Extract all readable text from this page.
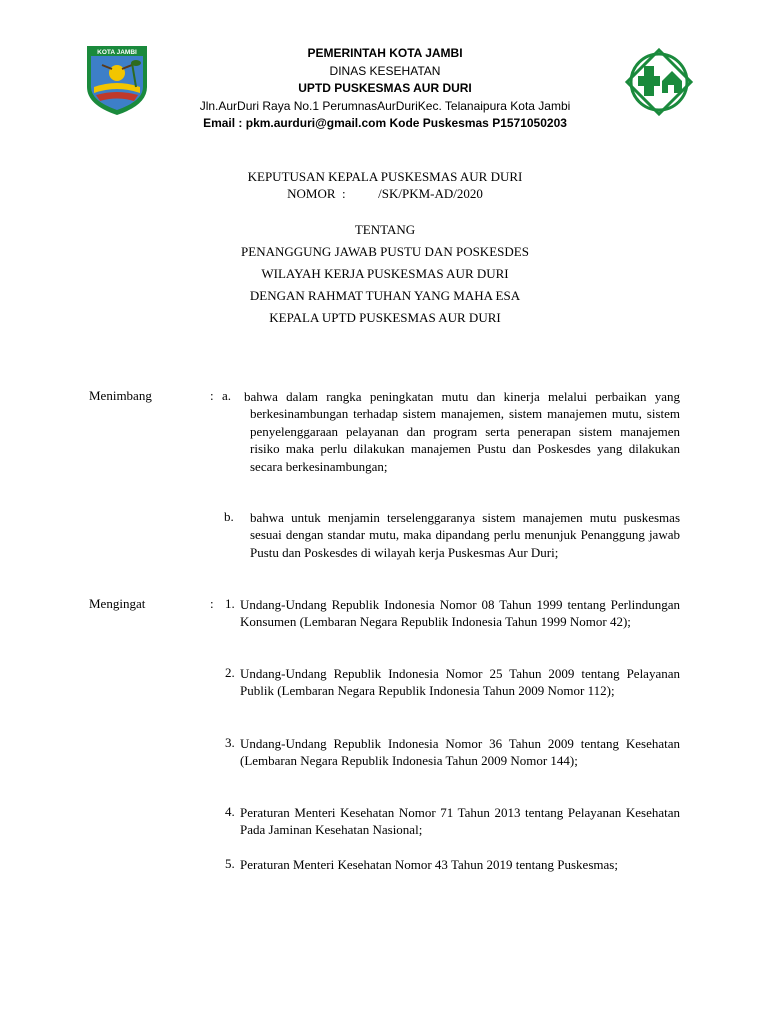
KOTA JAMBI	PEMERINTAH KOTA JAMBI
DINAS KESEHATAN
UPTD PUSKESMAS AUR DURI
Jln.AurDuri Raya No.1 PerumnasAurDuriKec. Telanaipura Kota Jambi
Email : pkm.aurduri@gmail.com Kode Puskesmas P1571050203
KEPUTUSAN KEPALA PUSKESMAS AUR DURI
NOMOR  :          /SK/PKM-AD/2020
TENTANG
PENANGGUNG JAWAB PUSTU DAN POSKESDES
WILAYAH KERJA PUSKESMAS AUR DURI
DENGAN RAHMAT TUHAN YANG MAHA ESA
KEPALA UPTD PUSKESMAS AUR DURI
Menimbang	: a. bahwa dalam rangka peningkatan mutu dan kinerja melalui perbaikan yang berkesinambungan terhadap sistem manajemen, sistem manajemen mutu, sistem penyelenggaraan pelayanan dan program serta penerapan sistem manajemen risiko maka perlu dilakukan manajemen Pustu dan Poskesdes yang dilakukan secara berkesinambungan;
b. bahwa untuk menjamin terselenggaranya sistem manajemen mutu puskesmas sesuai dengan standar mutu, maka dipandang perlu menunjuk Penanggung jawab Pustu dan Poskesdes di wilayah kerja Puskesmas Aur Duri;
Mengingat	: 1. Undang-Undang Republik Indonesia Nomor 08 Tahun 1999 tentang Perlindungan Konsumen (Lembaran Negara Republik Indonesia Tahun 1999 Nomor 42);
2. Undang-Undang Republik Indonesia Nomor 25 Tahun 2009 tentang Pelayanan Publik (Lembaran Negara Republik Indonesia Tahun 2009 Nomor 112);
3. Undang-Undang Republik Indonesia Nomor 36 Tahun 2009 tentang Kesehatan (Lembaran Negara Republik Indonesia Tahun 2009 Nomor 144);
4. Peraturan Menteri Kesehatan Nomor 71 Tahun 2013 tentang Pelayanan Kesehatan Pada Jaminan Kesehatan Nasional;
5. Peraturan Menteri Kesehatan Nomor 43 Tahun 2019 tentang Puskesmas;
